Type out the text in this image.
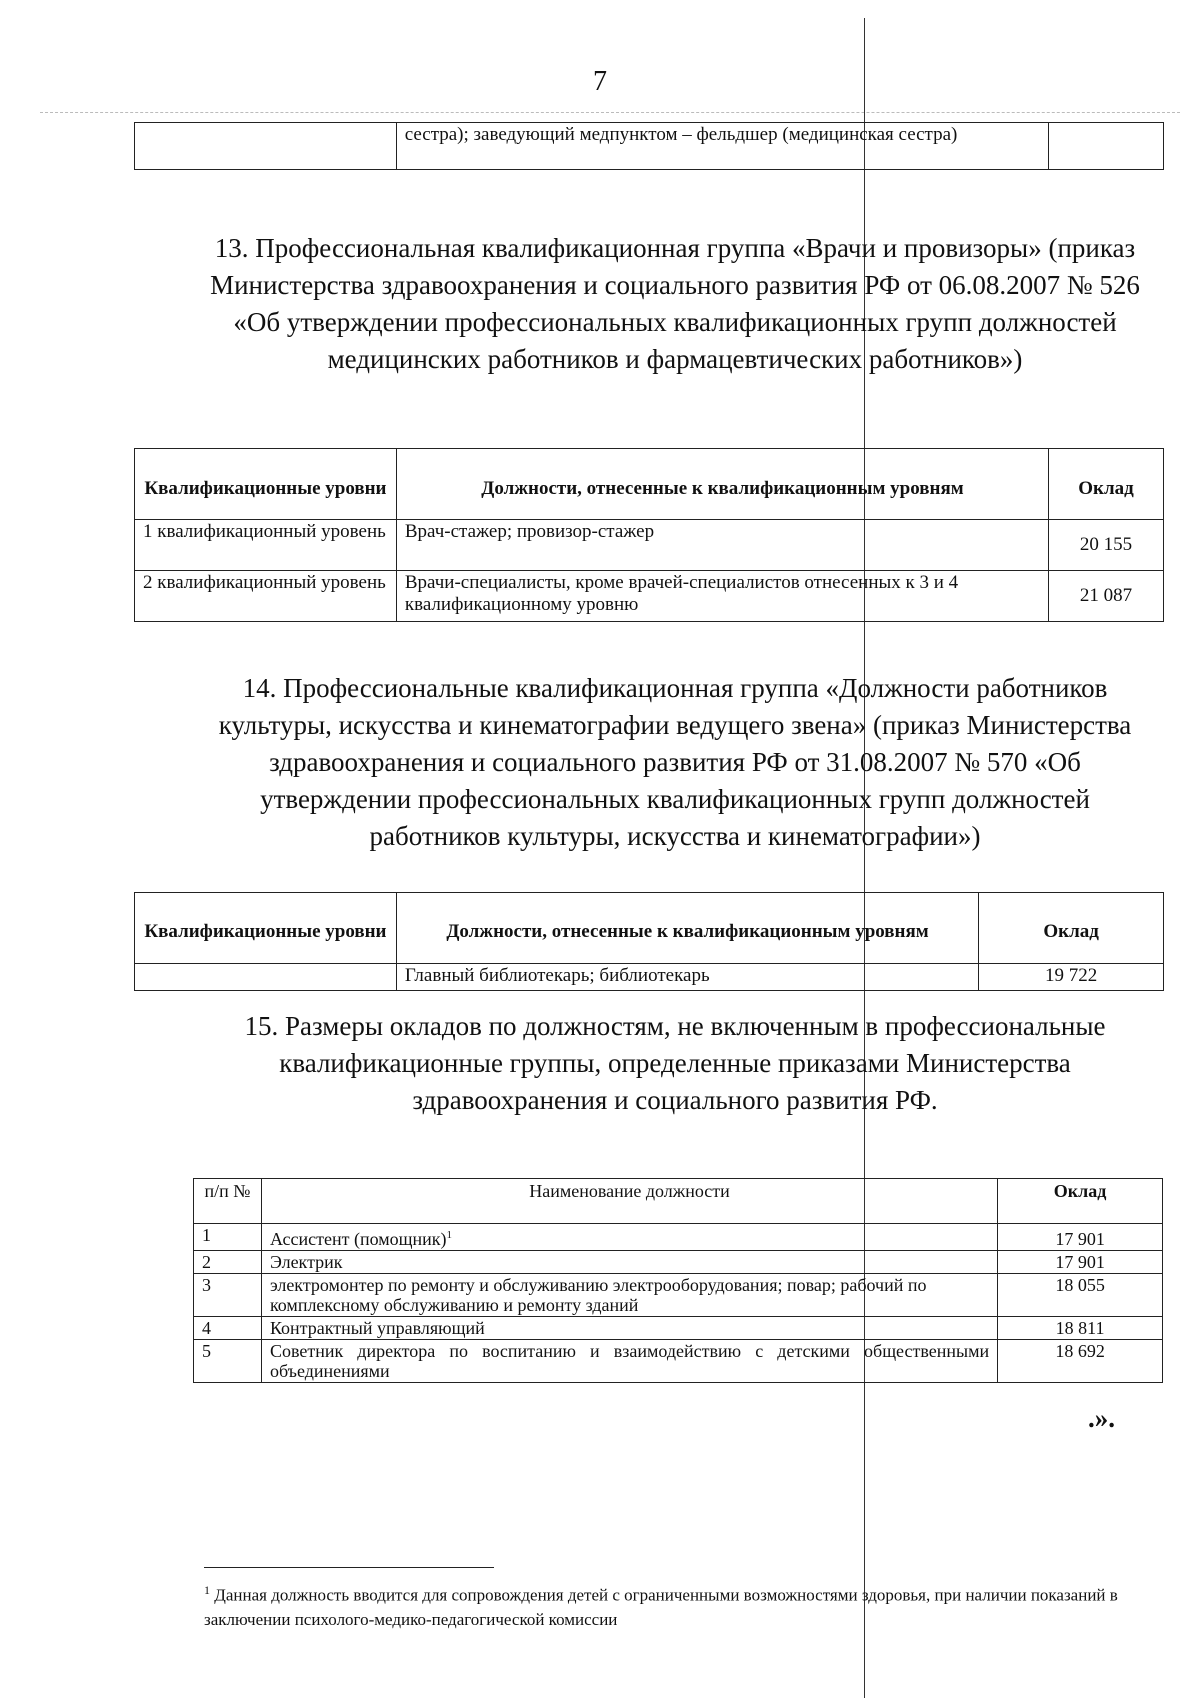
7
	сестра); заведующий медпунктом – фельдшер (медицинская сестра)	
13. Профессиональная квалификационная группа «Врачи и провизоры» (приказ Министерства здравоохранения и социального развития РФ от 06.08.2007 № 526 «Об утверждении профессиональных квалификационных групп должностей медицинских работников и фармацевтических работников»)
Квалификационные уровни	Должности, отнесенные к квалификационным уровням	Оклад
1 квалификационный уровень	Врач-стажер; провизор-стажер	20 155
2 квалификационный уровень	Врачи-специалисты, кроме врачей-специалистов отнесенных к 3 и 4 квалификационному уровню	21 087
14. Профессиональные квалификационная группа «Должности работников культуры, искусства и кинематографии ведущего звена» (приказ Министерства здравоохранения и социального развития РФ от 31.08.2007 № 570 «Об утверждении профессиональных квалификационных групп должностей работников культуры, искусства и кинематографии»)
Квалификационные уровни	Должности, отнесенные к квалификационным уровням	Оклад
	Главный библиотекарь; библиотекарь	19 722
15. Размеры окладов по должностям, не включенным в профессиональные квалификационные группы, определенные приказами Министерства здравоохранения и социального развития РФ.
п/п №	Наименование должности	Оклад
1	Ассистент (помощник)$^1$	17 901
2	Электрик	17 901
3	электромонтер по ремонту и обслуживанию электрооборудования; повар; рабочий по комплексному обслуживанию и ремонту зданий	18 055
4	Контрактный управляющий	18 811
5	Советник директора по воспитанию и взаимодействию с детскими общественными объединениями	18 692
.».
$^1$ Данная должность вводится для сопровождения детей с ограниченными возможностями здоровья, при наличии показаний в заключении психолого-медико-педагогической комиссии
